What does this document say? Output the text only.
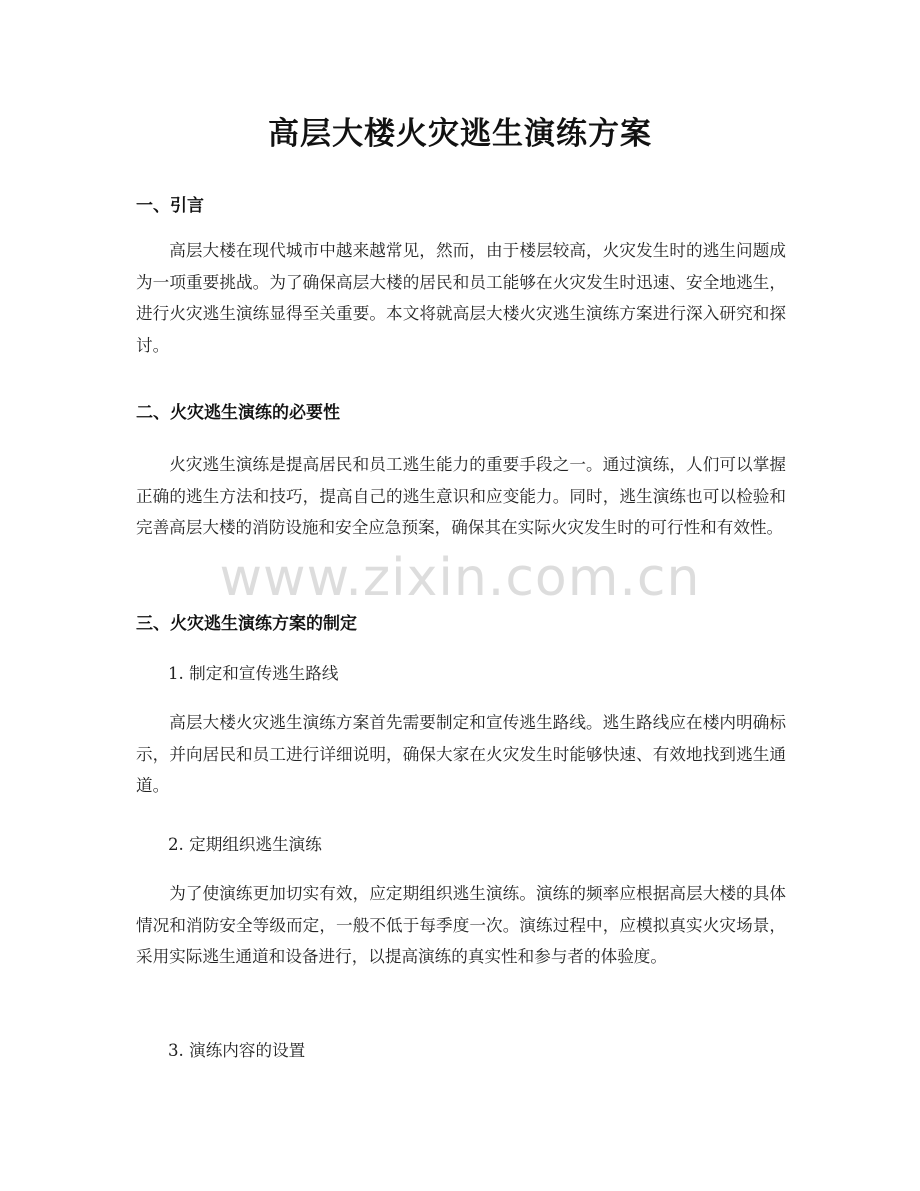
高层大楼火灾逃生演练方案
一、引言
高层大楼在现代城市中越来越常见，然而，由于楼层较高，火灾发生时的逃生问题成为一项重要挑战。为了确保高层大楼的居民和员工能够在火灾发生时迅速、安全地逃生，进行火灾逃生演练显得至关重要。本文将就高层大楼火灾逃生演练方案进行深入研究和探讨。
二、火灾逃生演练的必要性
火灾逃生演练是提高居民和员工逃生能力的重要手段之一。通过演练，人们可以掌握正确的逃生方法和技巧，提高自己的逃生意识和应变能力。同时，逃生演练也可以检验和完善高层大楼的消防设施和安全应急预案，确保其在实际火灾发生时的可行性和有效性。
三、火灾逃生演练方案的制定
1. 制定和宣传逃生路线
高层大楼火灾逃生演练方案首先需要制定和宣传逃生路线。逃生路线应在楼内明确标示，并向居民和员工进行详细说明，确保大家在火灾发生时能够快速、有效地找到逃生通道。
2. 定期组织逃生演练
为了使演练更加切实有效，应定期组织逃生演练。演练的频率应根据高层大楼的具体情况和消防安全等级而定，一般不低于每季度一次。演练过程中，应模拟真实火灾场景，采用实际逃生通道和设备进行，以提高演练的真实性和参与者的体验度。
3. 演练内容的设置
www.zixin.com.cn
